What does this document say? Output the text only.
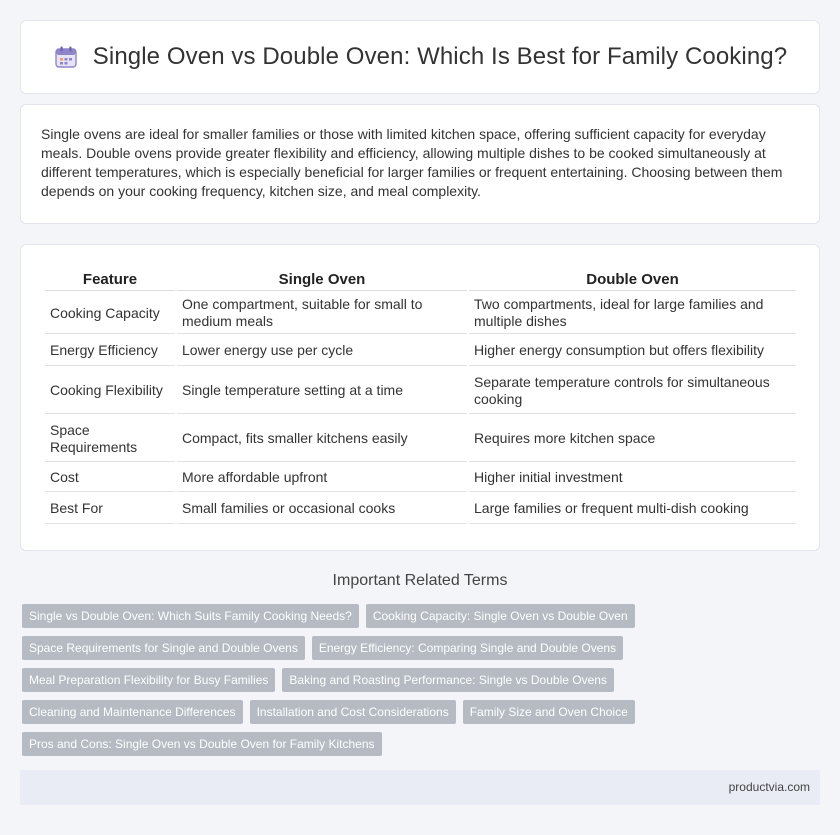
Single Oven vs Double Oven: Which Is Best for Family Cooking?

Single ovens are ideal for smaller families or those with limited kitchen space, offering sufficient capacity for everyday meals. Double ovens provide greater flexibility and efficiency, allowing multiple dishes to be cooked simultaneously at different temperatures, which is especially beneficial for larger families or frequent entertaining. Choosing between them depends on your cooking frequency, kitchen size, and meal complexity.

Feature	Single Oven	Double Oven
Cooking Capacity	One compartment, suitable for small to medium meals	Two compartments, ideal for large families and multiple dishes
Energy Efficiency	Lower energy use per cycle	Higher energy consumption but offers flexibility
Cooking Flexibility	Single temperature setting at a time	Separate temperature controls for simultaneous cooking
Space Requirements	Compact, fits smaller kitchens easily	Requires more kitchen space
Cost	More affordable upfront	Higher initial investment
Best For	Small families or occasional cooks	Large families or frequent multi-dish cooking
Important Related Terms
Single vs Double Oven: Which Suits Family Cooking Needs?	Cooking Capacity: Single Oven vs Double Oven
Space Requirements for Single and Double Ovens	Energy Efficiency: Comparing Single and Double Ovens
Meal Preparation Flexibility for Busy Families	Baking and Roasting Performance: Single vs Double Ovens
Cleaning and Maintenance Differences	Installation and Cost Considerations	Family Size and Oven Choice
Pros and Cons: Single Oven vs Double Oven for Family Kitchens
productvia.com
